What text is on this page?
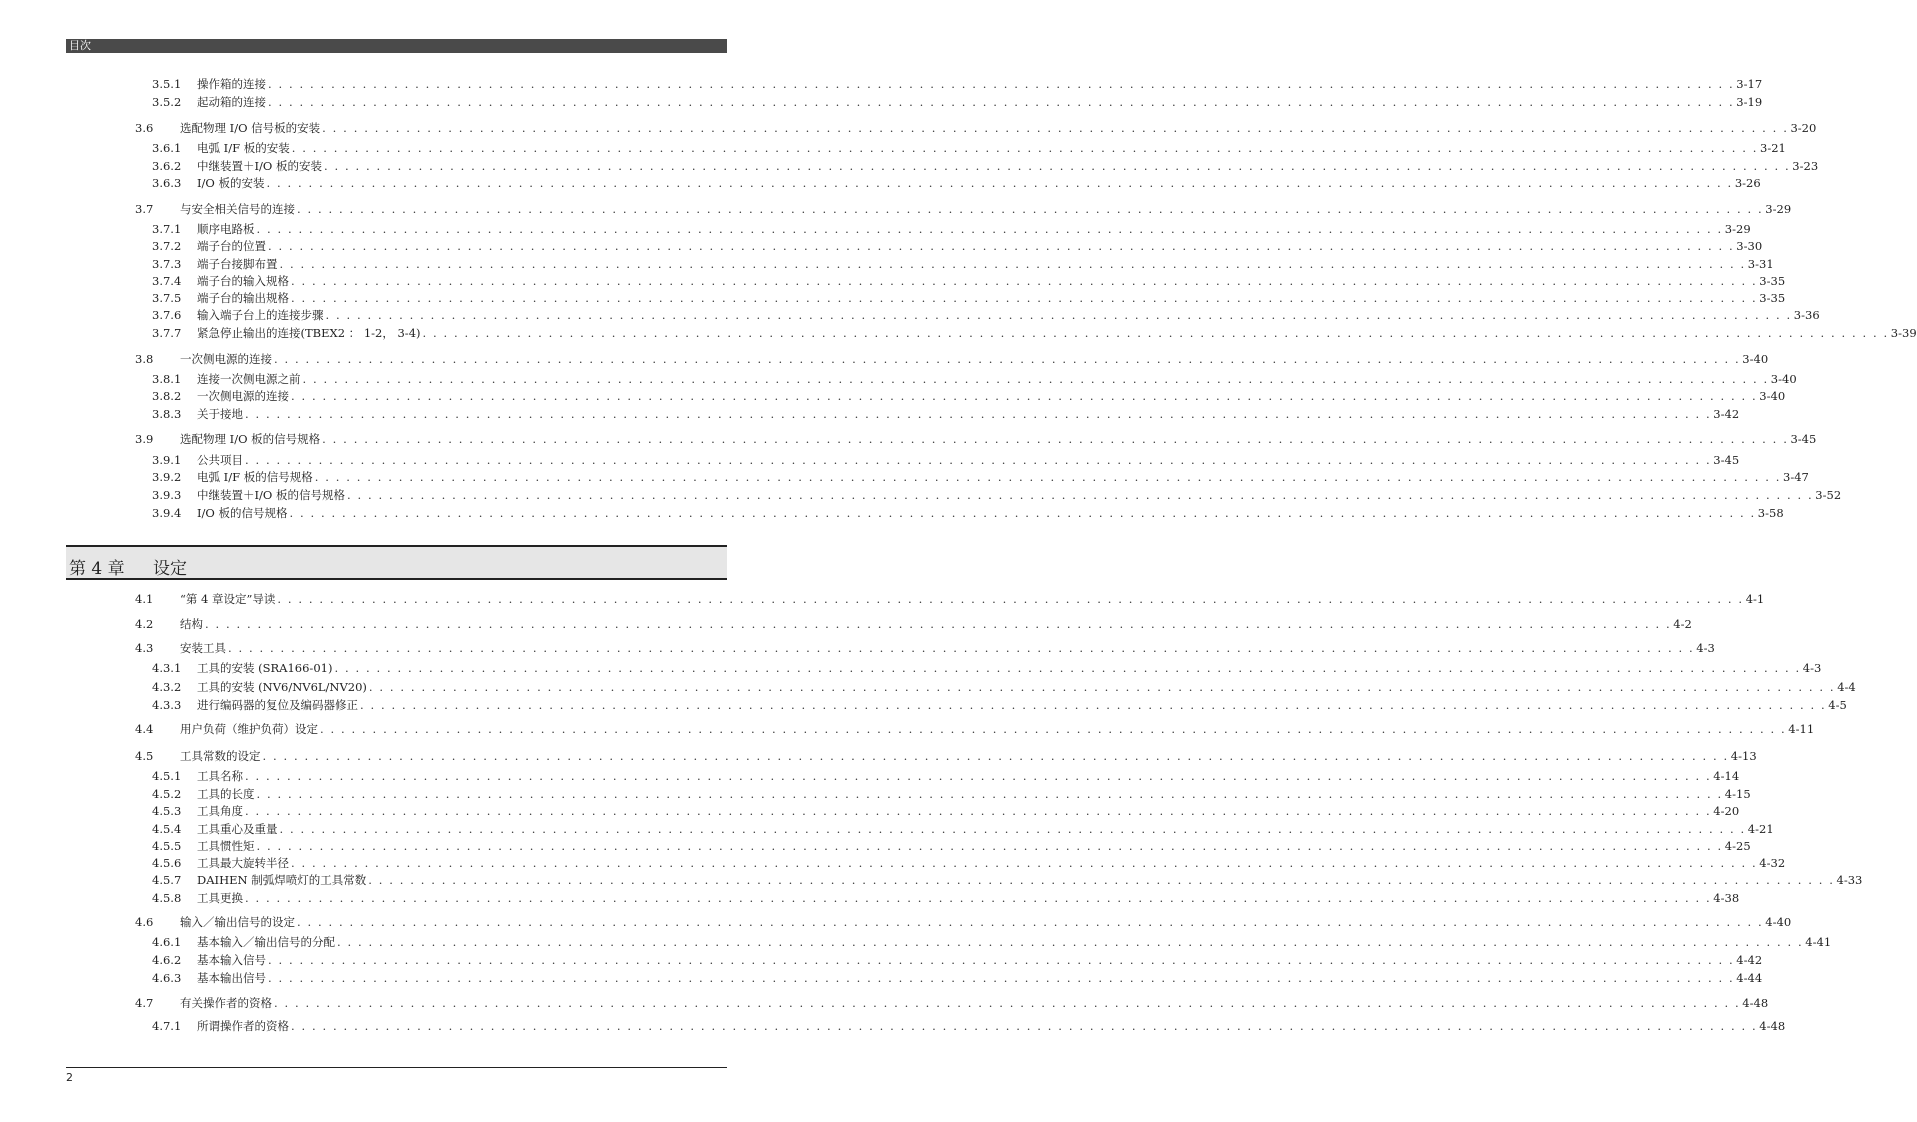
目次
3.5.1	操作箱的连接 . . . . . . . . . . . . . . . . . . . . . . . . . . . . . . . . . . . . . . . . . . . . . . . . . . . . . . . . . . . . . . . . . . . . . . . . . . . . . . . . . . . . . . . . . . . . . . . . . . . . . . . . . . . . . . . . . . . . . . . . . . . . . . . . . . . . . . . . . . . . 3-17
3.5.2	起动箱的连接 . . . . . . . . . . . . . . . . . . . . . . . . . . . . . . . . . . . . . . . . . . . . . . . . . . . . . . . . . . . . . . . . . . . . . . . . . . . . . . . . . . . . . . . . . . . . . . . . . . . . . . . . . . . . . . . . . . . . . . . . . . . . . . . . . . . . . . . . . . . . 3-19
3.6	选配物理 I/O 信号板的安装 . . . . . . . . . . . . . . . . . . . . . . . . . . . . . . . . . . . . . . . . . . . . . . . . . . . . . . . . . . . . . . . . . . . . . . . . . . . . . . . . . . . . . . . . . . . . . . . . . . . . . . . . . . . . . . . . . . . . . . . . . . . . . . . . . . . . . . . . . . . . 3-20
3.6.1	电弧 I/F 板的安装 . . . . . . . . . . . . . . . . . . . . . . . . . . . . . . . . . . . . . . . . . . . . . . . . . . . . . . . . . . . . . . . . . . . . . . . . . . . . . . . . . . . . . . . . . . . . . . . . . . . . . . . . . . . . . . . . . . . . . . . . . . . . . . . . . . . . . . . . . . . . 3-21
3.6.2	中继装置＋I/O 板的安装 . . . . . . . . . . . . . . . . . . . . . . . . . . . . . . . . . . . . . . . . . . . . . . . . . . . . . . . . . . . . . . . . . . . . . . . . . . . . . . . . . . . . . . . . . . . . . . . . . . . . . . . . . . . . . . . . . . . . . . . . . . . . . . . . . . . . . . . . . . . . 3-23
3.6.3	I/O 板的安装 . . . . . . . . . . . . . . . . . . . . . . . . . . . . . . . . . . . . . . . . . . . . . . . . . . . . . . . . . . . . . . . . . . . . . . . . . . . . . . . . . . . . . . . . . . . . . . . . . . . . . . . . . . . . . . . . . . . . . . . . . . . . . . . . . . . . . . . . . . . . 3-26
3.7	与安全相关信号的连接 . . . . . . . . . . . . . . . . . . . . . . . . . . . . . . . . . . . . . . . . . . . . . . . . . . . . . . . . . . . . . . . . . . . . . . . . . . . . . . . . . . . . . . . . . . . . . . . . . . . . . . . . . . . . . . . . . . . . . . . . . . . . . . . . . . . . . . . . . . . . 3-29
3.7.1	顺序电路板 . . . . . . . . . . . . . . . . . . . . . . . . . . . . . . . . . . . . . . . . . . . . . . . . . . . . . . . . . . . . . . . . . . . . . . . . . . . . . . . . . . . . . . . . . . . . . . . . . . . . . . . . . . . . . . . . . . . . . . . . . . . . . . . . . . . . . . . . . . . . 3-29
3.7.2	端子台的位置 . . . . . . . . . . . . . . . . . . . . . . . . . . . . . . . . . . . . . . . . . . . . . . . . . . . . . . . . . . . . . . . . . . . . . . . . . . . . . . . . . . . . . . . . . . . . . . . . . . . . . . . . . . . . . . . . . . . . . . . . . . . . . . . . . . . . . . . . . . . . 3-30
3.7.3	端子台接脚布置 . . . . . . . . . . . . . . . . . . . . . . . . . . . . . . . . . . . . . . . . . . . . . . . . . . . . . . . . . . . . . . . . . . . . . . . . . . . . . . . . . . . . . . . . . . . . . . . . . . . . . . . . . . . . . . . . . . . . . . . . . . . . . . . . . . . . . . . . . . . . 3-31
3.7.4	端子台的输入规格 . . . . . . . . . . . . . . . . . . . . . . . . . . . . . . . . . . . . . . . . . . . . . . . . . . . . . . . . . . . . . . . . . . . . . . . . . . . . . . . . . . . . . . . . . . . . . . . . . . . . . . . . . . . . . . . . . . . . . . . . . . . . . . . . . . . . . . . . . . . . 3-35
3.7.5	端子台的输出规格 . . . . . . . . . . . . . . . . . . . . . . . . . . . . . . . . . . . . . . . . . . . . . . . . . . . . . . . . . . . . . . . . . . . . . . . . . . . . . . . . . . . . . . . . . . . . . . . . . . . . . . . . . . . . . . . . . . . . . . . . . . . . . . . . . . . . . . . . . . . . 3-35
3.7.6	输入端子台上的连接步骤 . . . . . . . . . . . . . . . . . . . . . . . . . . . . . . . . . . . . . . . . . . . . . . . . . . . . . . . . . . . . . . . . . . . . . . . . . . . . . . . . . . . . . . . . . . . . . . . . . . . . . . . . . . . . . . . . . . . . . . . . . . . . . . . . . . . . . . . . . . . . 3-36
3.7.7	紧急停止输出的连接(TBEX2 ： 1-2， 3-4) . . . . . . . . . . . . . . . . . . . . . . . . . . . . . . . . . . . . . . . . . . . . . . . . . . . . . . . . . . . . . . . . . . . . . . . . . . . . . . . . . . . . . . . . . . . . . . . . . . . . . . . . . . . . . . . . . . . . . . . . . . . . . . . . . . . . . . . . . . . . 3-39
3.8	一次侧电源的连接 . . . . . . . . . . . . . . . . . . . . . . . . . . . . . . . . . . . . . . . . . . . . . . . . . . . . . . . . . . . . . . . . . . . . . . . . . . . . . . . . . . . . . . . . . . . . . . . . . . . . . . . . . . . . . . . . . . . . . . . . . . . . . . . . . . . . . . . . . . . . 3-40
3.8.1	连接一次侧电源之前 . . . . . . . . . . . . . . . . . . . . . . . . . . . . . . . . . . . . . . . . . . . . . . . . . . . . . . . . . . . . . . . . . . . . . . . . . . . . . . . . . . . . . . . . . . . . . . . . . . . . . . . . . . . . . . . . . . . . . . . . . . . . . . . . . . . . . . . . . . . . 3-40
3.8.2	一次侧电源的连接 . . . . . . . . . . . . . . . . . . . . . . . . . . . . . . . . . . . . . . . . . . . . . . . . . . . . . . . . . . . . . . . . . . . . . . . . . . . . . . . . . . . . . . . . . . . . . . . . . . . . . . . . . . . . . . . . . . . . . . . . . . . . . . . . . . . . . . . . . . . . 3-40
3.8.3	关于接地 . . . . . . . . . . . . . . . . . . . . . . . . . . . . . . . . . . . . . . . . . . . . . . . . . . . . . . . . . . . . . . . . . . . . . . . . . . . . . . . . . . . . . . . . . . . . . . . . . . . . . . . . . . . . . . . . . . . . . . . . . . . . . . . . . . . . . . . . . . . . 3-42
3.9	选配物理 I/O 板的信号规格 . . . . . . . . . . . . . . . . . . . . . . . . . . . . . . . . . . . . . . . . . . . . . . . . . . . . . . . . . . . . . . . . . . . . . . . . . . . . . . . . . . . . . . . . . . . . . . . . . . . . . . . . . . . . . . . . . . . . . . . . . . . . . . . . . . . . . . . . . . . . 3-45
3.9.1	公共项目 . . . . . . . . . . . . . . . . . . . . . . . . . . . . . . . . . . . . . . . . . . . . . . . . . . . . . . . . . . . . . . . . . . . . . . . . . . . . . . . . . . . . . . . . . . . . . . . . . . . . . . . . . . . . . . . . . . . . . . . . . . . . . . . . . . . . . . . . . . . . 3-45
3.9.2	电弧 I/F 板的信号规格 . . . . . . . . . . . . . . . . . . . . . . . . . . . . . . . . . . . . . . . . . . . . . . . . . . . . . . . . . . . . . . . . . . . . . . . . . . . . . . . . . . . . . . . . . . . . . . . . . . . . . . . . . . . . . . . . . . . . . . . . . . . . . . . . . . . . . . . . . . . . 3-47
3.9.3	中继装置＋I/O 板的信号规格 . . . . . . . . . . . . . . . . . . . . . . . . . . . . . . . . . . . . . . . . . . . . . . . . . . . . . . . . . . . . . . . . . . . . . . . . . . . . . . . . . . . . . . . . . . . . . . . . . . . . . . . . . . . . . . . . . . . . . . . . . . . . . . . . . . . . . . . . . . . . 3-52
3.9.4	I/O 板的信号规格 . . . . . . . . . . . . . . . . . . . . . . . . . . . . . . . . . . . . . . . . . . . . . . . . . . . . . . . . . . . . . . . . . . . . . . . . . . . . . . . . . . . . . . . . . . . . . . . . . . . . . . . . . . . . . . . . . . . . . . . . . . . . . . . . . . . . . . . . . . . . 3-58
第 4 章 设定
4.1	“第 4 章设定”导读 . . . . . . . . . . . . . . . . . . . . . . . . . . . . . . . . . . . . . . . . . . . . . . . . . . . . . . . . . . . . . . . . . . . . . . . . . . . . . . . . . . . . . . . . . . . . . . . . . . . . . . . . . . . . . . . . . . . . . . . . . . . . . . . . . . . . . . . . . . . . 4-1
4.2	结构 . . . . . . . . . . . . . . . . . . . . . . . . . . . . . . . . . . . . . . . . . . . . . . . . . . . . . . . . . . . . . . . . . . . . . . . . . . . . . . . . . . . . . . . . . . . . . . . . . . . . . . . . . . . . . . . . . . . . . . . . . . . . . . . . . . . . . . . . . . . . 4-2
4.3	安装工具 . . . . . . . . . . . . . . . . . . . . . . . . . . . . . . . . . . . . . . . . . . . . . . . . . . . . . . . . . . . . . . . . . . . . . . . . . . . . . . . . . . . . . . . . . . . . . . . . . . . . . . . . . . . . . . . . . . . . . . . . . . . . . . . . . . . . . . . . . . . . 4-3
4.3.1	工具的安装 (SRA166-01) . . . . . . . . . . . . . . . . . . . . . . . . . . . . . . . . . . . . . . . . . . . . . . . . . . . . . . . . . . . . . . . . . . . . . . . . . . . . . . . . . . . . . . . . . . . . . . . . . . . . . . . . . . . . . . . . . . . . . . . . . . . . . . . . . . . . . . . . . . . . 4-3
4.3.2	工具的安装 (NV6/NV6L/NV20) . . . . . . . . . . . . . . . . . . . . . . . . . . . . . . . . . . . . . . . . . . . . . . . . . . . . . . . . . . . . . . . . . . . . . . . . . . . . . . . . . . . . . . . . . . . . . . . . . . . . . . . . . . . . . . . . . . . . . . . . . . . . . . . . . . . . . . . . . . . . 4-4
4.3.3	进行编码器的复位及编码器修正 . . . . . . . . . . . . . . . . . . . . . . . . . . . . . . . . . . . . . . . . . . . . . . . . . . . . . . . . . . . . . . . . . . . . . . . . . . . . . . . . . . . . . . . . . . . . . . . . . . . . . . . . . . . . . . . . . . . . . . . . . . . . . . . . . . . . . . . . . . . . 4-5
4.4	用户负荷（维护负荷）设定 . . . . . . . . . . . . . . . . . . . . . . . . . . . . . . . . . . . . . . . . . . . . . . . . . . . . . . . . . . . . . . . . . . . . . . . . . . . . . . . . . . . . . . . . . . . . . . . . . . . . . . . . . . . . . . . . . . . . . . . . . . . . . . . . . . . . . . . . . . . . 4-11
4.5	工具常数的设定 . . . . . . . . . . . . . . . . . . . . . . . . . . . . . . . . . . . . . . . . . . . . . . . . . . . . . . . . . . . . . . . . . . . . . . . . . . . . . . . . . . . . . . . . . . . . . . . . . . . . . . . . . . . . . . . . . . . . . . . . . . . . . . . . . . . . . . . . . . . . 4-13
4.5.1	工具名称 . . . . . . . . . . . . . . . . . . . . . . . . . . . . . . . . . . . . . . . . . . . . . . . . . . . . . . . . . . . . . . . . . . . . . . . . . . . . . . . . . . . . . . . . . . . . . . . . . . . . . . . . . . . . . . . . . . . . . . . . . . . . . . . . . . . . . . . . . . . . 4-14
4.5.2	工具的长度 . . . . . . . . . . . . . . . . . . . . . . . . . . . . . . . . . . . . . . . . . . . . . . . . . . . . . . . . . . . . . . . . . . . . . . . . . . . . . . . . . . . . . . . . . . . . . . . . . . . . . . . . . . . . . . . . . . . . . . . . . . . . . . . . . . . . . . . . . . . . 4-15
4.5.3	工具角度 . . . . . . . . . . . . . . . . . . . . . . . . . . . . . . . . . . . . . . . . . . . . . . . . . . . . . . . . . . . . . . . . . . . . . . . . . . . . . . . . . . . . . . . . . . . . . . . . . . . . . . . . . . . . . . . . . . . . . . . . . . . . . . . . . . . . . . . . . . . . 4-20
4.5.4	工具重心及重量 . . . . . . . . . . . . . . . . . . . . . . . . . . . . . . . . . . . . . . . . . . . . . . . . . . . . . . . . . . . . . . . . . . . . . . . . . . . . . . . . . . . . . . . . . . . . . . . . . . . . . . . . . . . . . . . . . . . . . . . . . . . . . . . . . . . . . . . . . . . . 4-21
4.5.5	工具惯性矩 . . . . . . . . . . . . . . . . . . . . . . . . . . . . . . . . . . . . . . . . . . . . . . . . . . . . . . . . . . . . . . . . . . . . . . . . . . . . . . . . . . . . . . . . . . . . . . . . . . . . . . . . . . . . . . . . . . . . . . . . . . . . . . . . . . . . . . . . . . . . 4-25
4.5.6	工具最大旋转半径 . . . . . . . . . . . . . . . . . . . . . . . . . . . . . . . . . . . . . . . . . . . . . . . . . . . . . . . . . . . . . . . . . . . . . . . . . . . . . . . . . . . . . . . . . . . . . . . . . . . . . . . . . . . . . . . . . . . . . . . . . . . . . . . . . . . . . . . . . . . . 4-32
4.5.7	DAIHEN 制弧焊喷灯的工具常数 . . . . . . . . . . . . . . . . . . . . . . . . . . . . . . . . . . . . . . . . . . . . . . . . . . . . . . . . . . . . . . . . . . . . . . . . . . . . . . . . . . . . . . . . . . . . . . . . . . . . . . . . . . . . . . . . . . . . . . . . . . . . . . . . . . . . . . . . . . . . 4-33
4.5.8	工具更换 . . . . . . . . . . . . . . . . . . . . . . . . . . . . . . . . . . . . . . . . . . . . . . . . . . . . . . . . . . . . . . . . . . . . . . . . . . . . . . . . . . . . . . . . . . . . . . . . . . . . . . . . . . . . . . . . . . . . . . . . . . . . . . . . . . . . . . . . . . . . 4-38
4.6	输入／输出信号的设定 . . . . . . . . . . . . . . . . . . . . . . . . . . . . . . . . . . . . . . . . . . . . . . . . . . . . . . . . . . . . . . . . . . . . . . . . . . . . . . . . . . . . . . . . . . . . . . . . . . . . . . . . . . . . . . . . . . . . . . . . . . . . . . . . . . . . . . . . . . . . 4-40
4.6.1	基本输入／输出信号的分配 . . . . . . . . . . . . . . . . . . . . . . . . . . . . . . . . . . . . . . . . . . . . . . . . . . . . . . . . . . . . . . . . . . . . . . . . . . . . . . . . . . . . . . . . . . . . . . . . . . . . . . . . . . . . . . . . . . . . . . . . . . . . . . . . . . . . . . . . . . . . 4-41
4.6.2	基本输入信号 . . . . . . . . . . . . . . . . . . . . . . . . . . . . . . . . . . . . . . . . . . . . . . . . . . . . . . . . . . . . . . . . . . . . . . . . . . . . . . . . . . . . . . . . . . . . . . . . . . . . . . . . . . . . . . . . . . . . . . . . . . . . . . . . . . . . . . . . . . . . 4-42
4.6.3	基本输出信号 . . . . . . . . . . . . . . . . . . . . . . . . . . . . . . . . . . . . . . . . . . . . . . . . . . . . . . . . . . . . . . . . . . . . . . . . . . . . . . . . . . . . . . . . . . . . . . . . . . . . . . . . . . . . . . . . . . . . . . . . . . . . . . . . . . . . . . . . . . . . 4-44
4.7	有关操作者的资格 . . . . . . . . . . . . . . . . . . . . . . . . . . . . . . . . . . . . . . . . . . . . . . . . . . . . . . . . . . . . . . . . . . . . . . . . . . . . . . . . . . . . . . . . . . . . . . . . . . . . . . . . . . . . . . . . . . . . . . . . . . . . . . . . . . . . . . . . . . . . 4-48
4.7.1	所谓操作者的资格 . . . . . . . . . . . . . . . . . . . . . . . . . . . . . . . . . . . . . . . . . . . . . . . . . . . . . . . . . . . . . . . . . . . . . . . . . . . . . . . . . . . . . . . . . . . . . . . . . . . . . . . . . . . . . . . . . . . . . . . . . . . . . . . . . . . . . . . . . . . . 4-48
2
